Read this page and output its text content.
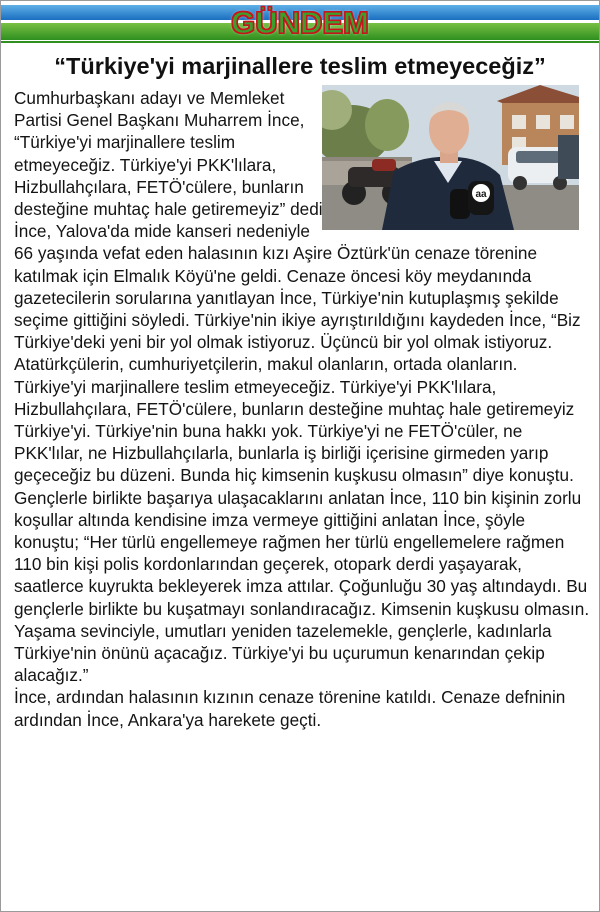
GÜNDEM
“Türkiye'yi marjinallere teslim etmeyeceğiz”
aa

Cumhurbaşkanı adayı ve Memleket Partisi Genel Başkanı Muharrem İnce, “Türkiye'yi marjinallere teslim etmeyeceğiz. Türkiye'yi PKK'lılara, Hizbullahçılara, FETÖ'cülere, bunların desteğine muhtaç hale getiremeyiz” dedi

İnce, Yalova'da mide kanseri nedeniyle 66 yaşında vefat eden halasının kızı Aşire Öztürk'ün cenaze törenine katılmak için Elmalık Köyü'ne geldi. Cenaze öncesi köy meydanında gazetecilerin sorularına yanıtlayan İnce, Türkiye'nin kutuplaşmış şekilde seçime gittiğini söyledi. Türkiye'nin ikiye ayrıştırıldığını kaydeden İnce, “Biz Türkiye'deki yeni bir yol olmak istiyoruz. Üçüncü bir yol olmak istiyoruz. Atatürkçülerin, cumhuriyetçilerin, makul olanların, ortada olanların. Türkiye'yi marjinallere teslim etmeyeceğiz. Türkiye'yi PKK'lılara, Hizbullahçılara, FETÖ'cülere, bunların desteğine muhtaç hale getiremeyiz Türkiye'yi. Türkiye'nin buna hakkı yok. Türkiye'yi ne FETÖ'cüler, ne PKK'lılar, ne Hizbullahçılarla, bunlarla iş birliği içerisine girmeden yarıp geçeceğiz bu düzeni. Bunda hiç kimsenin kuşkusu olmasın” diye konuştu.

Gençlerle birlikte başarıya ulaşacaklarını anlatan İnce, 110 bin kişinin zorlu koşullar altında kendisine imza vermeye gittiğini anlatan İnce, şöyle konuştu; “Her türlü engellemeye rağmen her türlü engellemelere rağmen 110 bin kişi polis kordonlarından geçerek, otopark derdi yaşayarak, saatlerce kuyrukta bekleyerek imza attılar. Çoğunluğu 30 yaş altındaydı. Bu gençlerle birlikte bu kuşatmayı sonlandıracağız. Kimsenin kuşkusu olmasın. Yaşama sevinciyle, umutları yeniden tazelemekle, gençlerle, kadınlarla Türkiye'nin önünü açacağız. Türkiye'yi bu uçurumun kenarından çekip alacağız.”

İnce, ardından halasının kızının cenaze törenine katıldı. Cenaze defninin ardından İnce, Ankara'ya harekete geçti.
